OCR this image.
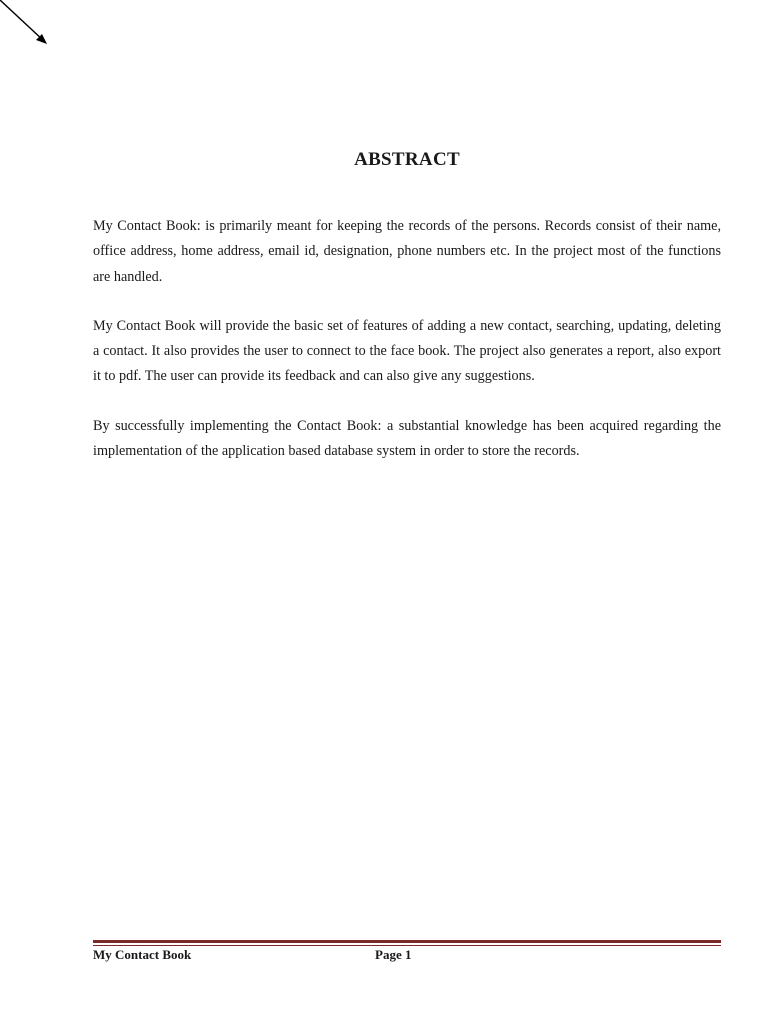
ABSTRACT

My Contact Book: is primarily meant for keeping the records of the persons. Records consist of their name, office address, home address, email id, designation, phone numbers etc. In the project most of the functions are handled.

My Contact Book will provide the basic set of features of adding a new contact, searching, updating, deleting a contact. It also provides the user to connect to the face book. The project also generates a report, also export it to pdf. The user can provide its feedback and can also give any suggestions.

By successfully implementing the Contact Book: a substantial knowledge has been acquired regarding the implementation of the application based database system in order to store the records.

My Contact Book	Page 1
